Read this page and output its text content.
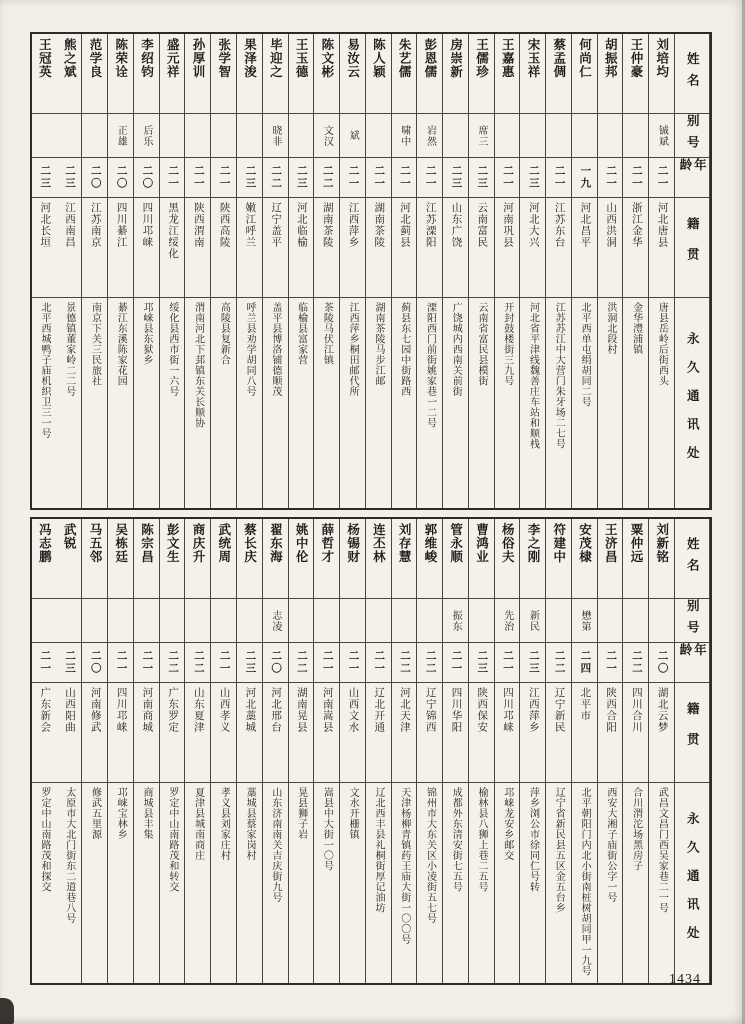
姓名
别号
年龄
籍贯
永久通讯处
刘培均
铖斌
二一
河北唐县
唐县岳岭后街西头
王仲豪
二一
浙江金华
金华澧浦镇
胡振邦
二一
山西洪洞
洪洞北段村
何尚仁
一九
河北昌平
北平西单屯绢胡同二号
蔡孟倜
二一
江苏东台
江苏苏江中大营门朱牙场二七号
宋玉祥
二三
河北大兴
河北省平津线魏善庄车站和顺栈
王嘉惠
二一
河南巩县
开封鼓楼街三九号
王儒珍
席三
二三
云南富民
云南省富民县模街
房崇新
二三
山东广饶
广饶城内西南关前街
彭恩儒
岩然
二一
江苏溧阳
溧阳西门前街姚家巷一二号
朱艺儒
啸中
二一
河北蓟县
蓟县东七园中街路西
陈人颖
二一
湖南茶陵
湖南茶陵马步江邮
易汝云
斌
二一
江西萍乡
江西萍乡桐田邮代所
陈文彬
文汉
二二
湖南茶陵
茶陵马伏江镇
王玉德
二三
河北临榆
临榆县富家营
毕迎之
晓非
二二
辽宁盖平
盖平县博洛铺德顺茂
果泽浚
二三
嫩江呼兰
呼兰县劝学胡同八号
张学智
二一
陕西高陵
高陵县复新合
孙厚训
二一
陕西渭南
渭南河北下邽镇东关长顺协
盛元祥
二一
黑龙江绥化
绥化县西市街一六号
李绍钧
后乐
二〇
四川邛崃
邛崃县东狱乡
陈荣诠
正雄
二〇
四川綦江
綦江东溪陈家花园
范学良
二〇
江苏南京
南京下关三民旅社
熊之斌
二三
江西南昌
景德镇董家岭二二号
王冠英
二三
河北长垣
北平西城鸭子庙机织卫三一号
姓名
别号
年龄
籍贯
永久通讯处
刘新铭
二〇
湖北云梦
武昌文昌门西吴家巷二一号
粟仲远
二二
四川合川
合川渭沱场黑房子
王济昌
二一
陕西合阳
西安大湘子庙街公字一号
安茂棣
懋第
二四
北平市
北平朝阳门内北小街南桩树胡同甲一九号
符建中
二二
辽宁新民
辽宁省新民县五区金五台乡
李之刚
新民
二三
江西萍乡
萍乡浏公市徐同仁号转
杨俗夫
先治
二一
四川邛崃
邛崃龙安乡邮交
曹鸿业
二三
陕西保安
榆林县八狮上巷二五号
管永顺
振东
二一
四川华阳
成都外东清安街七五号
郭维峻
二二
辽宁锦西
锦州市大东关区小凌街五七号
刘存慧
二二
河北天津
天津杨柳青镇药王庙大街一〇〇号
连丕林
二一
辽北开通
辽北西丰县礼桐街厚记油坊
杨锡财
二一
山西文水
文水开栅镇
薛哲才
二一
河南嵩县
嵩县中大街一〇号
姚中伦
二二
湖南晃县
晃县狮子岩
翟东海
志凌
二〇
河北邢台
山东济南南关吉庆街九号
蔡长庆
二三
河北藁城
藁城县蔡家岗村
武统周
二一
山西孝义
孝义县刘家庄村
商庆升
二二
山东夏津
夏津县城南商庄
彭文生
二二
广东罗定
罗定中山南路茂和转交
陈宗昌
二一
河南商城
商城县丰集
吴栋廷
二一
四川邛崃
邛崃宝林乡
马五邻
二〇
河南修武
修武五里源
武锐
二三
山西阳曲
太原市大北门街东二道巷八号
冯志鹏
二一
广东新会
罗定中山南路茂和探交
1434
